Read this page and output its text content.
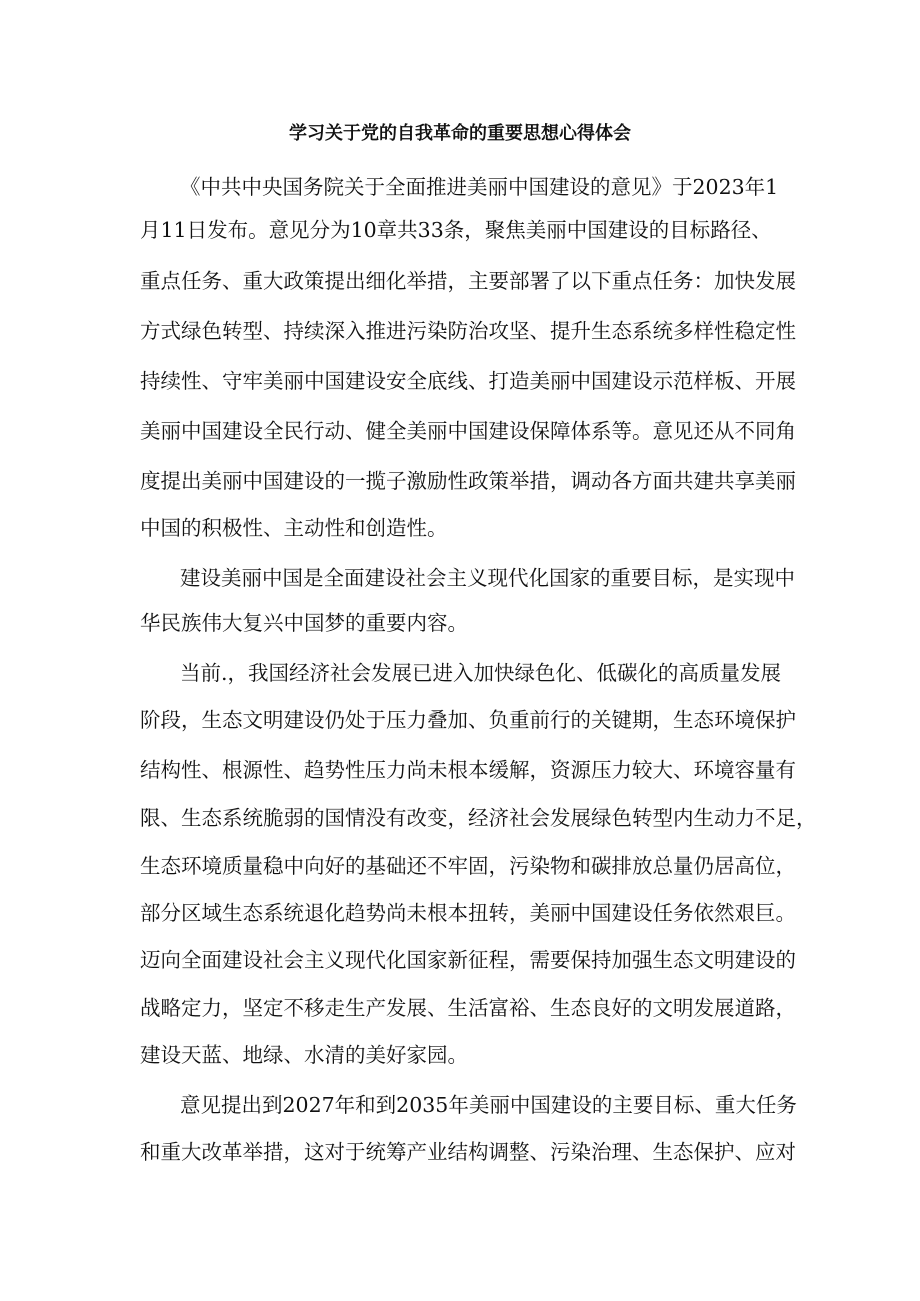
学习关于党的自我革命的重要思想心得体会

《中共中央国务院关于全面推进美丽中国建设的意见》于2023年1

月11日发布。意见分为10章共33条，聚焦美丽中国建设的目标路径、

重点任务、重大政策提出细化举措，主要部署了以下重点任务：加快发展

方式绿色转型、持续深入推进污染防治攻坚、提升生态系统多样性稳定性

持续性、守牢美丽中国建设安全底线、打造美丽中国建设示范样板、开展

美丽中国建设全民行动、健全美丽中国建设保障体系等。意见还从不同角

度提出美丽中国建设的一揽子激励性政策举措，调动各方面共建共享美丽

中国的积极性、主动性和创造性。

建设美丽中国是全面建设社会主义现代化国家的重要目标，是实现中

华民族伟大复兴中国梦的重要内容。

当前.，我国经济社会发展已进入加快绿色化、低碳化的高质量发展

阶段，生态文明建设仍处于压力叠加、负重前行的关键期，生态环境保护

结构性、根源性、趋势性压力尚未根本缓解，资源压力较大、环境容量有

限、生态系统脆弱的国情没有改变，经济社会发展绿色转型内生动力不足，

生态环境质量稳中向好的基础还不牢固，污染物和碳排放总量仍居高位，

部分区域生态系统退化趋势尚未根本扭转，美丽中国建设任务依然艰巨。

迈向全面建设社会主义现代化国家新征程，需要保持加强生态文明建设的

战略定力，坚定不移走生产发展、生活富裕、生态良好的文明发展道路，

建设天蓝、地绿、水清的美好家园。

意见提出到2027年和到2035年美丽中国建设的主要目标、重大任务

和重大改革举措，这对于统筹产业结构调整、污染治理、生态保护、应对
